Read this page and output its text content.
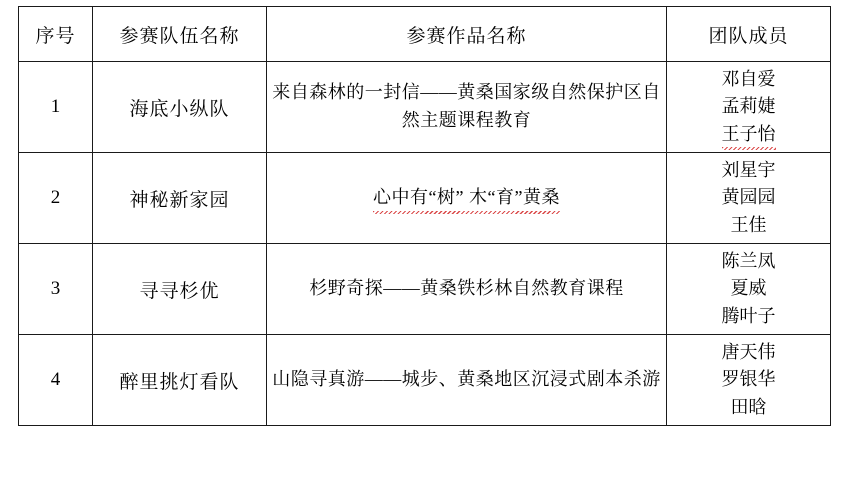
序号	参赛队伍名称	参赛作品名称	团队成员
1	海底小纵队	来自森林的一封信——黄桑国家级自然保护区自然主题课程教育	邓自爱
孟莉婕
王子怡
2	神秘新家园	心中有“树” 木“育”黄桑	刘星宇
黄园园
王佳

3	寻寻杉优	杉野奇探——黄桑铁杉林自然教育课程	陈兰凤
夏威
腾叶子

4	醉里挑灯看队	山隐寻真游——城步、黄桑地区沉浸式剧本杀游	唐天伟
罗银华
田晗
